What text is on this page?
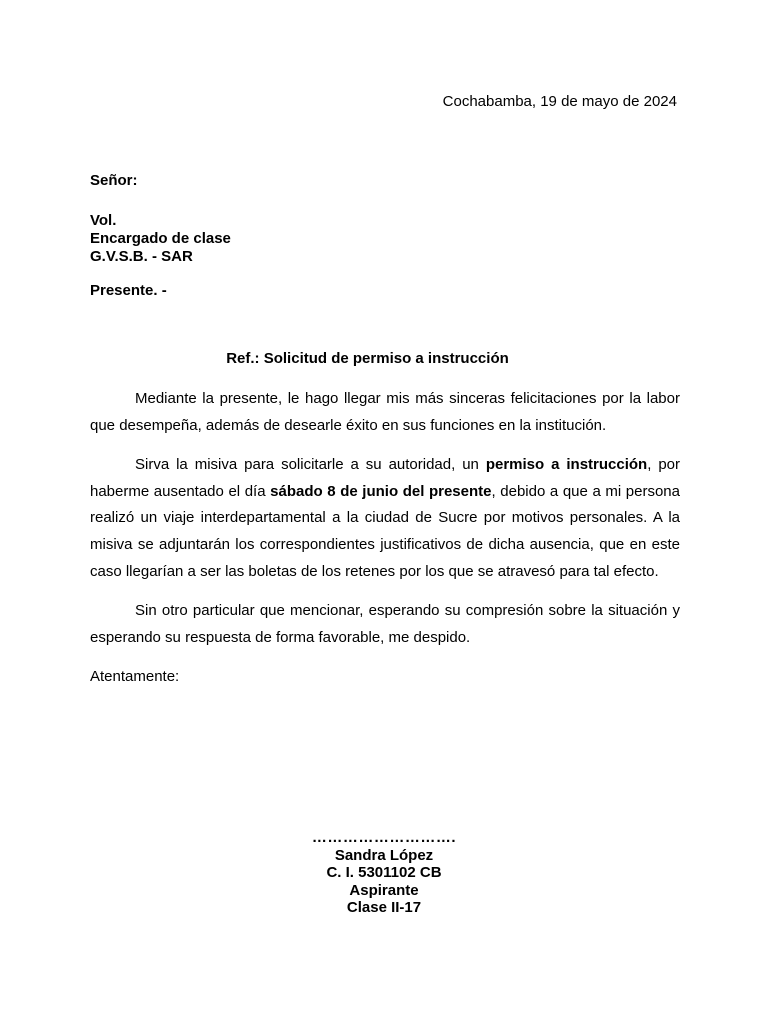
Cochabamba, 19 de mayo de 2024
Señor:
Vol.
Encargado de clase
G.V.S.B. - SAR
Presente. -
Ref.: Solicitud de permiso a instrucción

Mediante la presente, le hago llegar mis más sinceras felicitaciones por la labor que desempeña, además de desearle éxito en sus funciones en la institución.

Sirva la misiva para solicitarle a su autoridad, un permiso a instrucción, por haberme ausentado el día sábado 8 de junio del presente, debido a que a mi persona realizó un viaje interdepartamental a la ciudad de Sucre por motivos personales. A la misiva se adjuntarán los correspondientes justificativos de dicha ausencia, que en este caso llegarían a ser las boletas de los retenes por los que se atravesó para tal efecto.

Sin otro particular que mencionar, esperando su compresión sobre la situación y esperando su respuesta de forma favorable, me despido.

Atentamente:

……………………….
Sandra López
C. I. 5301102 CB
Aspirante
Clase II-17
